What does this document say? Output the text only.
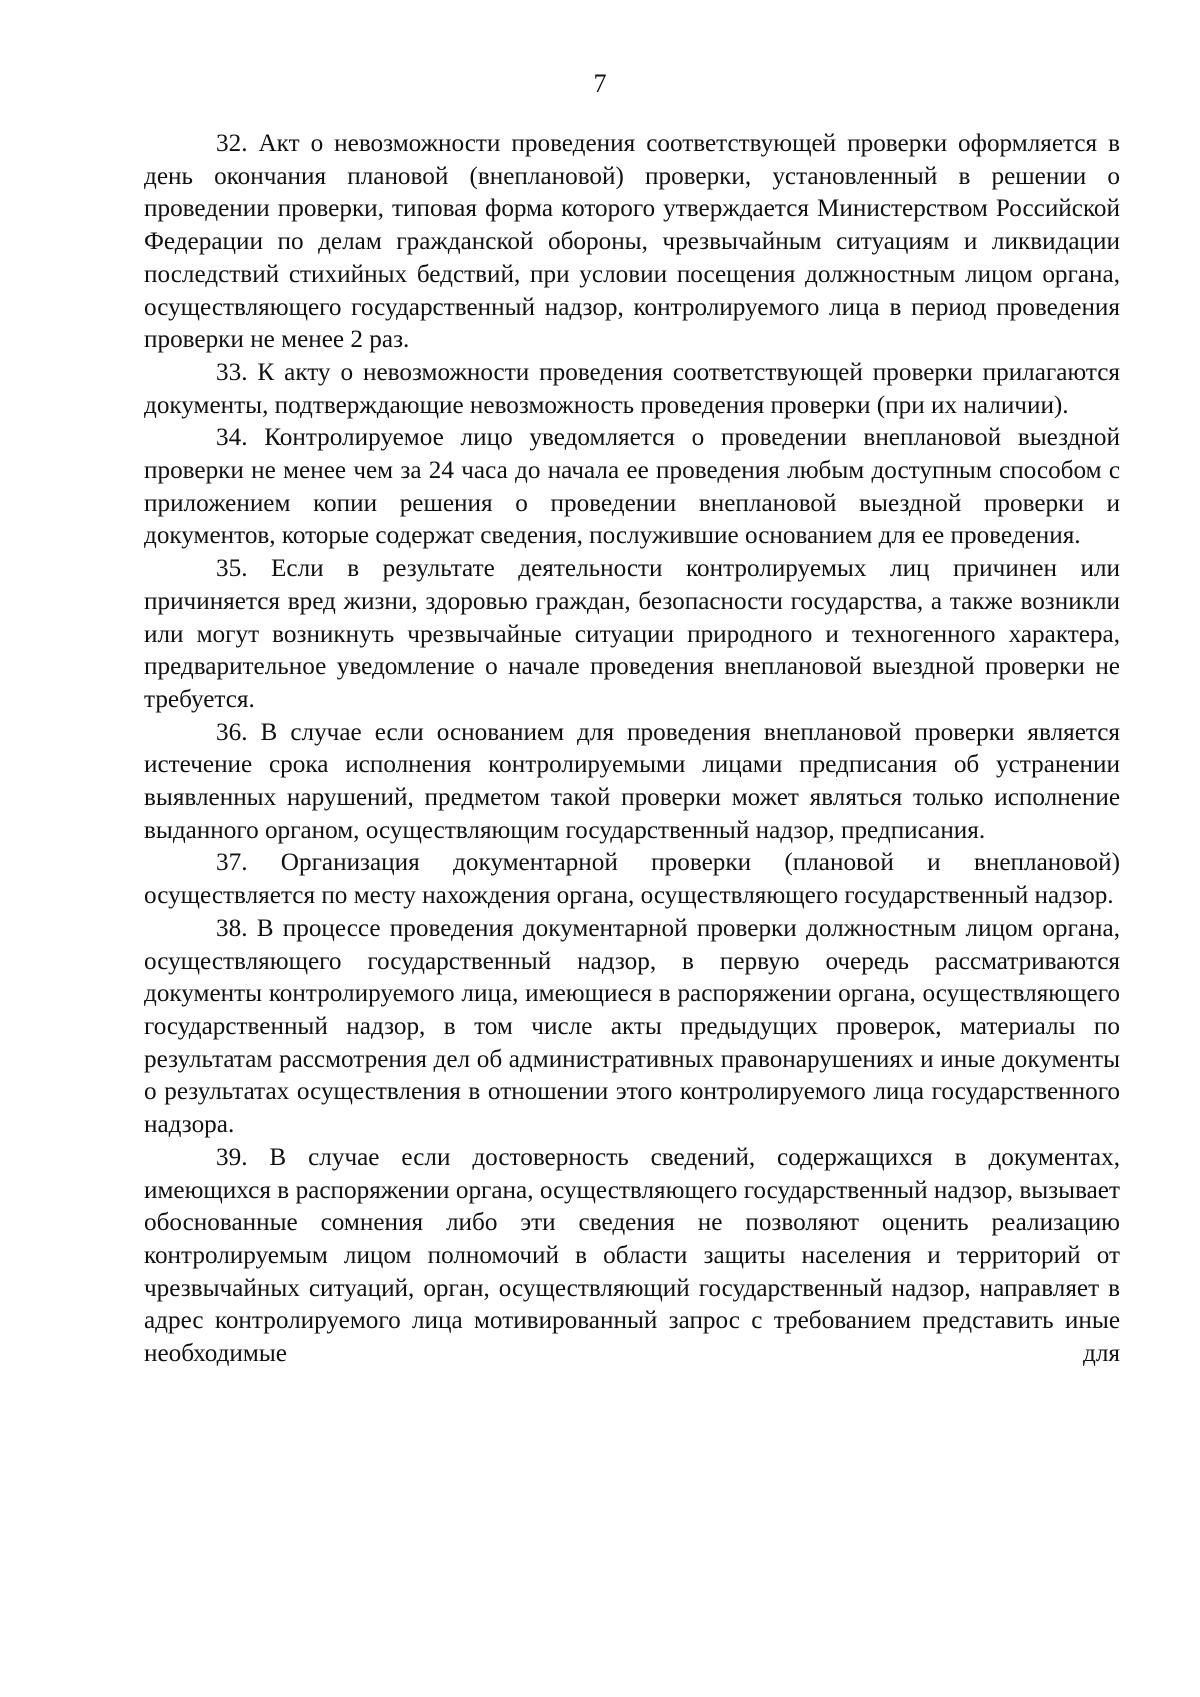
7

32. Акт о невозможности проведения соответствующей проверки оформляется в день окончания плановой (внеплановой) проверки, установленный в решении о проведении проверки, типовая форма которого утверждается Министерством Российской Федерации по делам гражданской обороны, чрезвычайным ситуациям и ликвидации последствий стихийных бедствий, при условии посещения должностным лицом органа, осуществляющего государственный надзор, контролируемого лица в период проведения проверки не менее 2 раз.

33. К акту о невозможности проведения соответствующей проверки прилагаются документы, подтверждающие невозможность проведения проверки (при их наличии).

34. Контролируемое лицо уведомляется о проведении внеплановой выездной проверки не менее чем за 24 часа до начала ее проведения любым доступным способом с приложением копии решения о проведении внеплановой выездной проверки и документов, которые содержат сведения, послужившие основанием для ее проведения.

35. Если в результате деятельности контролируемых лиц причинен или причиняется вред жизни, здоровью граждан, безопасности государства, а также возникли или могут возникнуть чрезвычайные ситуации природного и техногенного характера, предварительное уведомление о начале проведения внеплановой выездной проверки не требуется.

36. В случае если основанием для проведения внеплановой проверки является истечение срока исполнения контролируемыми лицами предписания об устранении выявленных нарушений, предметом такой проверки может являться только исполнение выданного органом, осуществляющим государственный надзор, предписания.

37. Организация документарной проверки (плановой и внеплановой) осуществляется по месту нахождения органа, осуществляющего государственный надзор.

38. В процессе проведения документарной проверки должностным лицом органа, осуществляющего государственный надзор, в первую очередь рассматриваются документы контролируемого лица, имеющиеся в распоряжении органа, осуществляющего государственный надзор, в том числе акты предыдущих проверок, материалы по результатам рассмотрения дел об административных правонарушениях и иные документы о результатах осуществления в отношении этого контролируемого лица государственного надзора.

39. В случае если достоверность сведений, содержащихся в документах, имеющихся в распоряжении органа, осуществляющего государственный надзор, вызывает обоснованные сомнения либо эти сведения не позволяют оценить реализацию контролируемым лицом полномочий в области защиты населения и территорий от чрезвычайных ситуаций, орган, осуществляющий государственный надзор, направляет в адрес контролируемого лица мотивированный запрос с требованием представить иные необходимые для
